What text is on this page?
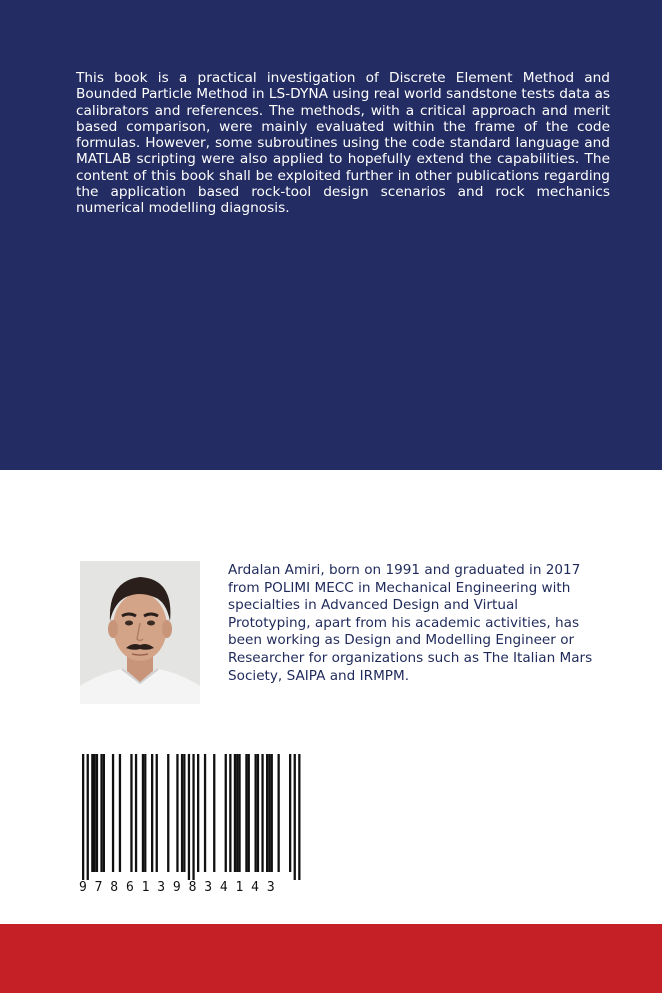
This book is a practical investigation of Discrete Element Method and Bounded Particle Method in LS-DYNA using real world sandstone tests data as calibrators and references. The methods, with a critical approach and merit based comparison, were mainly evaluated within the frame of the code formulas. However, some subroutines using the code standard language and MATLAB scripting were also applied to hopefully extend the capabilities. The content of this book shall be exploited further in other publications regarding the application based rock-tool design scenarios and rock mechanics numerical modelling diagnosis.

Ardalan Amiri, born on 1991 and graduated in 2017 from POLIMI MECC in Mechanical Engineering with specialties in Advanced Design and Virtual Prototyping, apart from his academic activities, has been working as Design and Modelling Engineer or Researcher for organizations such as The Italian Mars Society, SAIPA and IRMPM.

9 7 8 6 1 3 9 8 3 4 1 4 3
